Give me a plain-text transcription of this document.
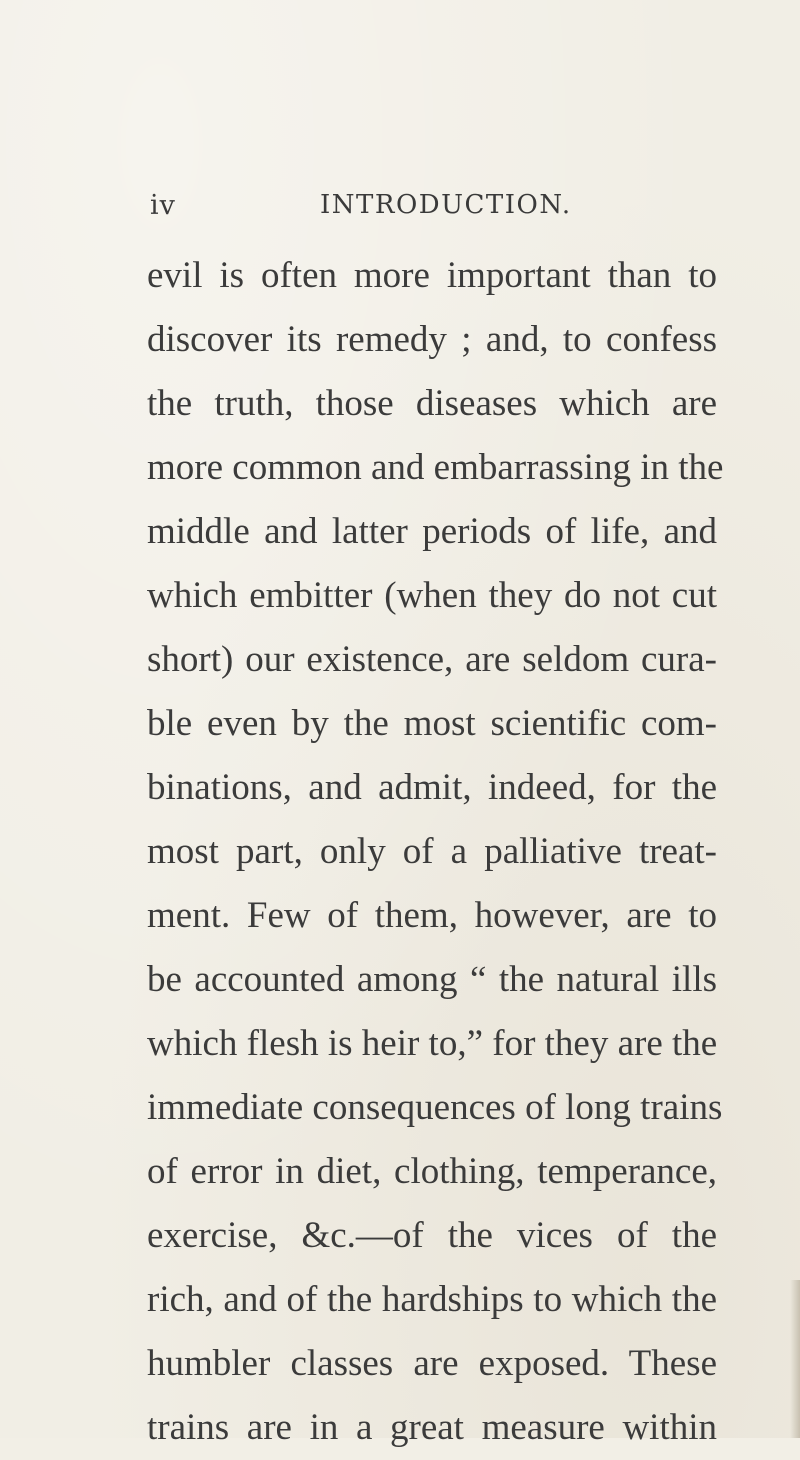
iv	INTRODUCTION.
evil is often more important than to
discover its remedy ; and, to confess
the truth, those diseases which are
more common and embarrassing in the
middle and latter periods of life, and
which embitter (when they do not cut
short) our existence, are seldom cura-
ble even by the most scientific com-
binations, and admit, indeed, for the
most part, only of a palliative treat-
ment. Few of them, however, are to
be accounted among “ the natural ills
which flesh is heir to,” for they are the
immediate consequences of long trains
of error in diet, clothing, temperance,
exercise, &c.—of the vices of the
rich, and of the hardships to which the
humbler classes are exposed. These
trains are in a great measure within
